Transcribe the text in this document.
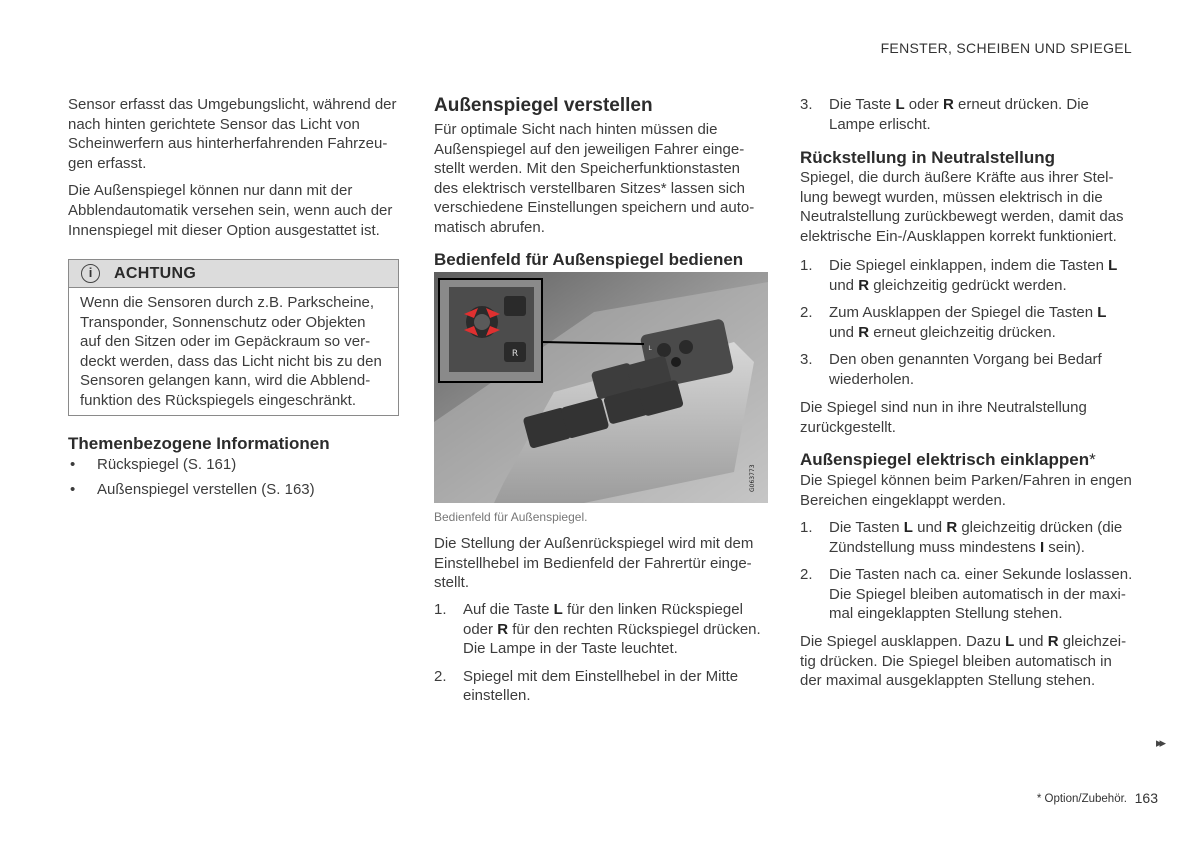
FENSTER, SCHEIBEN UND SPIEGEL

Sensor erfasst das Umgebungslicht, während der nach hinten gerichtete Sensor das Licht von Scheinwerfern aus hinterherfahrenden Fahrzeu-gen erfasst.

Die Außenspiegel können nur dann mit der Abblendautomatik versehen sein, wenn auch der Innenspiegel mit dieser Option ausgestattet ist.

i	ACHTUNG
Wenn die Sensoren durch z.B. Parkscheine, Transponder, Sonnenschutz oder Objekten auf den Sitzen oder im Gepäckraum so ver-deckt werden, dass das Licht nicht bis zu den Sensoren gelangen kann, wird die Abblend-funktion des Rückspiegels eingeschränkt.
Themenbezogene Informationen
• Rückspiegel (S. 161)
• Außenspiegel verstellen (S. 163)
Außenspiegel verstellen
Für optimale Sicht nach hinten müssen die Außenspiegel auf den jeweiligen Fahrer einge-stellt werden. Mit den Speicherfunktionstasten des elektrisch verstellbaren Sitzes* lassen sich verschiedene Einstellungen speichern und auto-matisch abrufen.
Bedienfeld für Außenspiegel bedienen
R
L
G063773
Bedienfeld für Außenspiegel.
Die Stellung der Außenrückspiegel wird mit dem Einstellhebel im Bedienfeld der Fahrertür einge-stellt.
1. Auf die Taste L für den linken Rückspiegel oder R für den rechten Rückspiegel drücken. Die Lampe in der Taste leuchtet.
2. Spiegel mit dem Einstellhebel in der Mitte einstellen.
3. Die Taste L oder R erneut drücken. Die Lampe erlischt.
Rückstellung in Neutralstellung
Spiegel, die durch äußere Kräfte aus ihrer Stel-lung bewegt wurden, müssen elektrisch in die Neutralstellung zurückbewegt werden, damit das elektrische Ein-/Ausklappen korrekt funktioniert.
1. Die Spiegel einklappen, indem die Tasten L und R gleichzeitig gedrückt werden.
2. Zum Ausklappen der Spiegel die Tasten L und R erneut gleichzeitig drücken.
3. Den oben genannten Vorgang bei Bedarf wiederholen.
Die Spiegel sind nun in ihre Neutralstellung zurückgestellt.
Außenspiegel elektrisch einklappen*
Die Spiegel können beim Parken/Fahren in engen Bereichen eingeklappt werden.
1. Die Tasten L und R gleichzeitig drücken (die Zündstellung muss mindestens I sein).
2. Die Tasten nach ca. einer Sekunde loslassen. Die Spiegel bleiben automatisch in der maxi-mal eingeklappten Stellung stehen.
Die Spiegel ausklappen. Dazu L und R gleichzei-tig drücken. Die Spiegel bleiben automatisch in der maximal ausgeklappten Stellung stehen.
▸▸
* Option/Zubehör. 163
